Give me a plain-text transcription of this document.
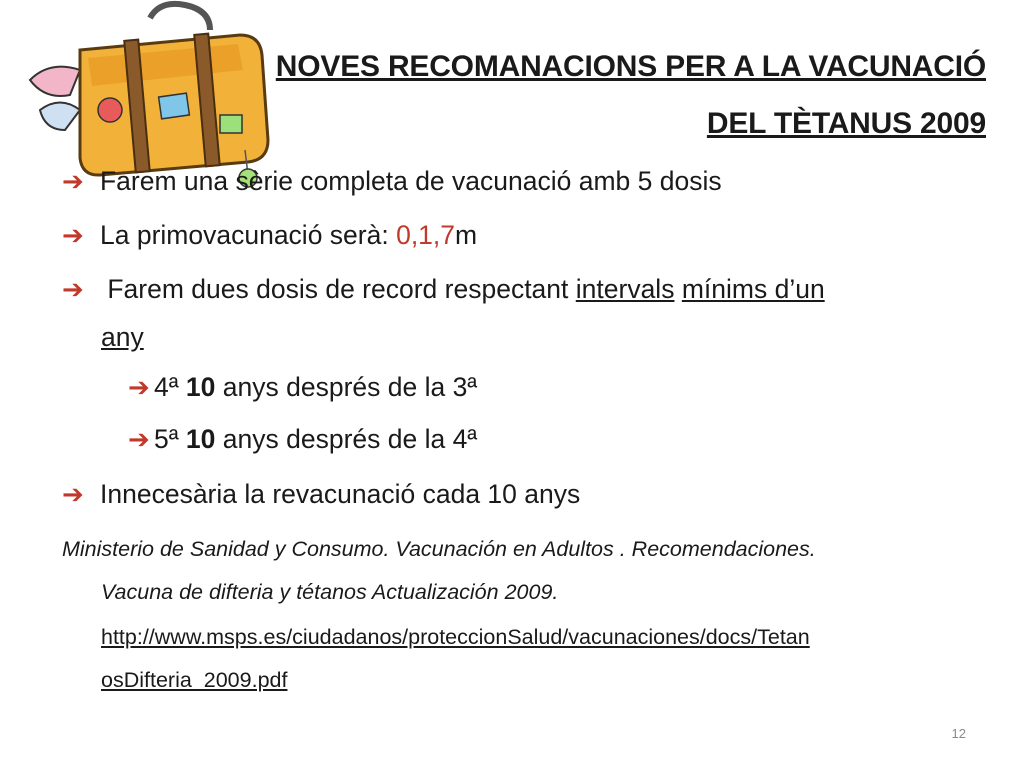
NOVES RECOMANACIONS PER A LA VACUNACIÓ
DEL TÈTANUS 2009
➔ Farem una sèrie completa de vacunació amb 5 dosis
➔ La primovacunació serà: 0,1,7m
➔ Farem dues dosis de record respectant intervals mínims d’un
any
➔ 4ª 10 anys després de la 3ª
➔ 5ª 10 anys després de la 4ª
➔ Innecesària la revacunació cada 10 anys
Ministerio de Sanidad y Consumo. Vacunación en Adultos . Recomendaciones.
Vacuna de difteria y tétanos Actualización 2009.
http://www.msps.es/ciudadanos/proteccionSalud/vacunaciones/docs/Tetan
osDifteria_2009.pdf
12
